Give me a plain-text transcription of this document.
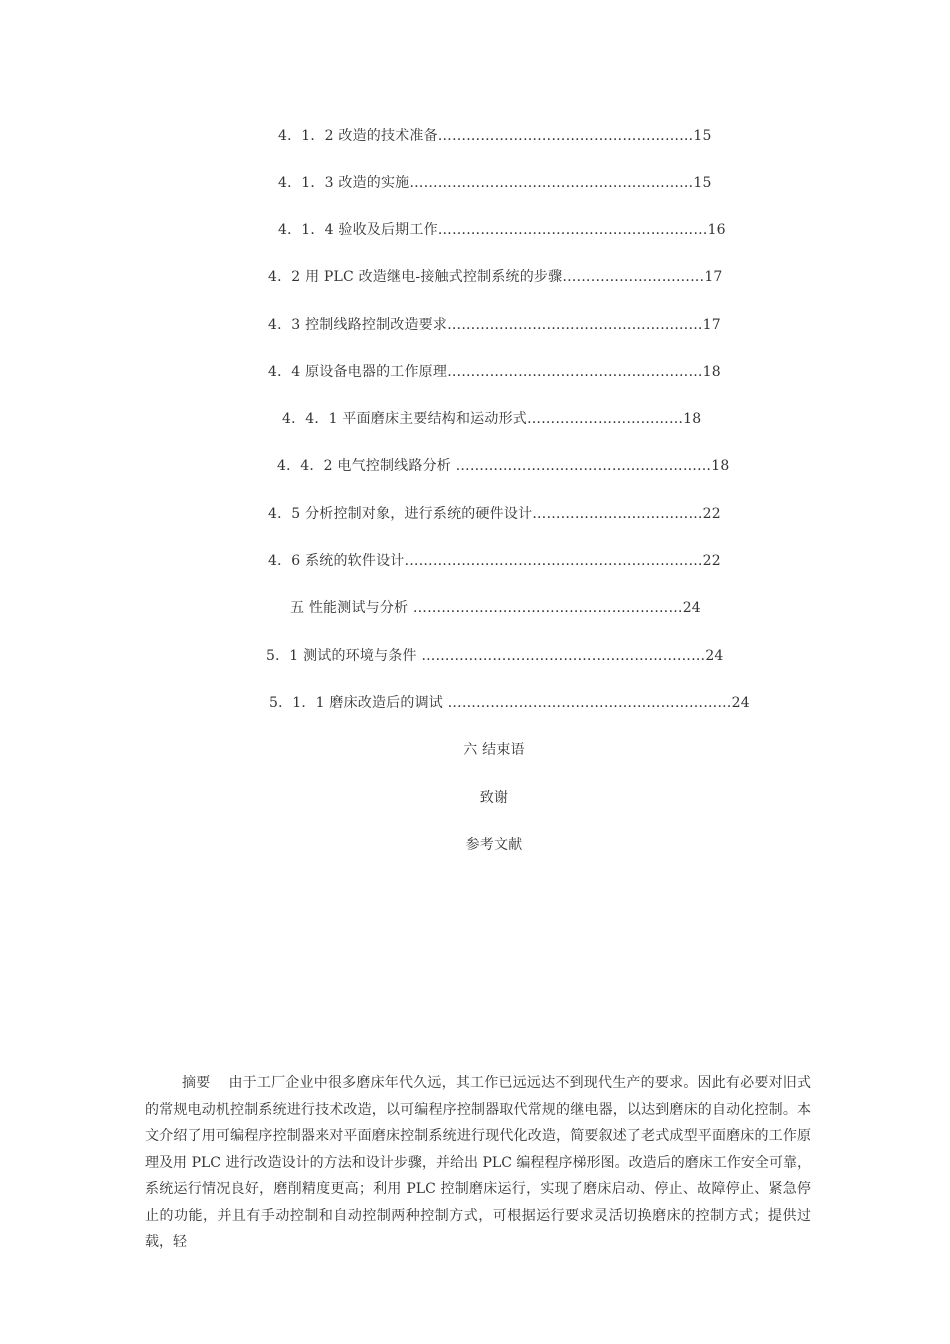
4．1．2 改造的技术准备………………………………………………15
4．1．3 改造的实施……………………………………………………15
4．1．4 验收及后期工作…………………………………………………16
4．2 用 PLC 改造继电-接触式控制系统的步骤…………………………17
4．3 控制线路控制改造要求………………………………………………17
4．4 原设备电器的工作原理………………………………………………18
4．4．1 平面磨床主要结构和运动形式……………………………18
4．4．2 电气控制线路分析 ………………………………………………18
4．5 分析控制对象，进行系统的硬件设计………………………………22
4．6 系统的软件设计………………………………………………………22
五 性能测试与分析 …………………………………………………24
5．1 测试的环境与条件 ……………………………………………………24
5．1．1 磨床改造后的调试 ……………………………………………………24
六 结束语
致谢
参考文献
摘要 由于工厂企业中很多磨床年代久远，其工作已远远达不到现代生产的要求。因此有必要对旧式的常规电动机控制系统进行技术改造，以可编程序控制器取代常规的继电器，以达到磨床的自动化控制。本文介绍了用可编程序控制器来对平面磨床控制系统进行现代化改造，简要叙述了老式成型平面磨床的工作原理及用 PLC 进行改造设计的方法和设计步骤，并给出 PLC 编程程序梯形图。改造后的磨床工作安全可靠，系统运行情况良好，磨削精度更高；利用 PLC 控制磨床运行，实现了磨床启动、停止、故障停止、紧急停止的功能，并且有手动控制和自动控制两种控制方式，可根据运行要求灵活切换磨床的控制方式；提供过载，轻
